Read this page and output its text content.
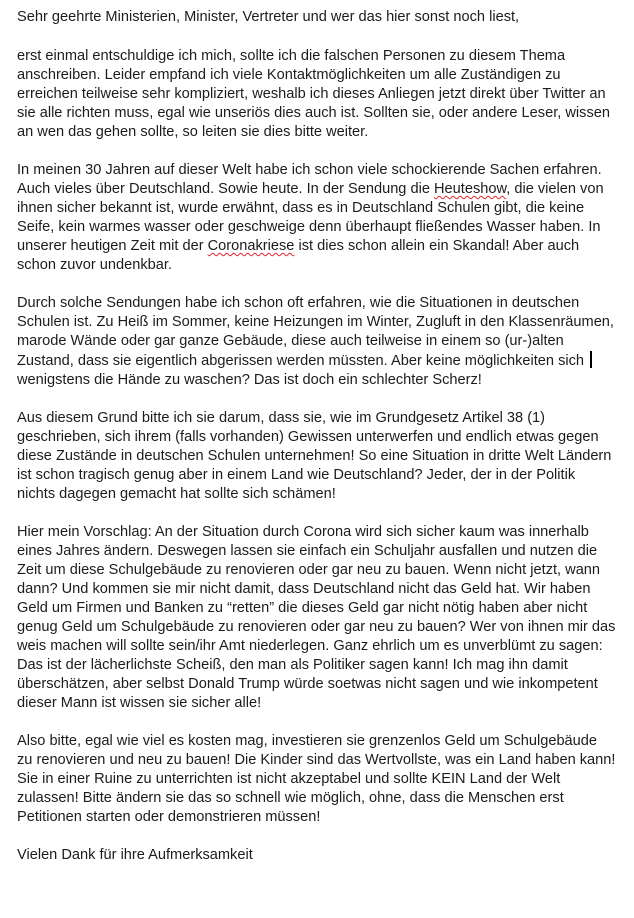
Sehr geehrte Ministerien, Minister, Vertreter und wer das hier sonst noch liest,

erst einmal entschuldige ich mich, sollte ich die falschen Personen zu diesem Thema
anschreiben. Leider empfand ich viele Kontaktmöglichkeiten um alle Zuständigen zu
erreichen teilweise sehr kompliziert, weshalb ich dieses Anliegen jetzt direkt über Twitter an
sie alle richten muss, egal wie unseriös dies auch ist. Sollten sie, oder andere Leser, wissen
an wen das gehen sollte, so leiten sie dies bitte weiter.

In meinen 30 Jahren auf dieser Welt habe ich schon viele schockierende Sachen erfahren.
Auch vieles über Deutschland. Sowie heute. In der Sendung die Heuteshow, die vielen von
ihnen sicher bekannt ist, wurde erwähnt, dass es in Deutschland Schulen gibt, die keine
Seife, kein warmes wasser oder geschweige denn überhaupt fließendes Wasser haben. In
unserer heutigen Zeit mit der Coronakriese ist dies schon allein ein Skandal! Aber auch
schon zuvor undenkbar.

Durch solche Sendungen habe ich schon oft erfahren, wie die Situationen in deutschen
Schulen ist. Zu Heiß im Sommer, keine Heizungen im Winter, Zugluft in den Klassenräumen,
marode Wände oder gar ganze Gebäude, diese auch teilweise in einem so (ur-)alten
Zustand, dass sie eigentlich abgerissen werden müssten. Aber keine möglichkeiten sich
wenigstens die Hände zu waschen? Das ist doch ein schlechter Scherz!

Aus diesem Grund bitte ich sie darum, dass sie, wie im Grundgesetz Artikel 38 (1)
geschrieben, sich ihrem (falls vorhanden) Gewissen unterwerfen und endlich etwas gegen
diese Zustände in deutschen Schulen unternehmen! So eine Situation in dritte Welt Ländern
ist schon tragisch genug aber in einem Land wie Deutschland? Jeder, der in der Politik
nichts dagegen gemacht hat sollte sich schämen!

Hier mein Vorschlag: An der Situation durch Corona wird sich sicher kaum was innerhalb
eines Jahres ändern. Deswegen lassen sie einfach ein Schuljahr ausfallen und nutzen die
Zeit um diese Schulgebäude zu renovieren oder gar neu zu bauen. Wenn nicht jetzt, wann
dann? Und kommen sie mir nicht damit, dass Deutschland nicht das Geld hat. Wir haben
Geld um Firmen und Banken zu “retten” die dieses Geld gar nicht nötig haben aber nicht
genug Geld um Schulgebäude zu renovieren oder gar neu zu bauen? Wer von ihnen mir das
weis machen will sollte sein/ihr Amt niederlegen. Ganz ehrlich um es unverblümt zu sagen:
Das ist der lächerlichste Scheiß, den man als Politiker sagen kann! Ich mag ihn damit
überschätzen, aber selbst Donald Trump würde soetwas nicht sagen und wie inkompetent
dieser Mann ist wissen sie sicher alle!

Also bitte, egal wie viel es kosten mag, investieren sie grenzenlos Geld um Schulgebäude
zu renovieren und neu zu bauen! Die Kinder sind das Wertvollste, was ein Land haben kann!
Sie in einer Ruine zu unterrichten ist nicht akzeptabel und sollte KEIN Land der Welt
zulassen! Bitte ändern sie das so schnell wie möglich, ohne, dass die Menschen erst
Petitionen starten oder demonstrieren müssen!

Vielen Dank für ihre Aufmerksamkeit
